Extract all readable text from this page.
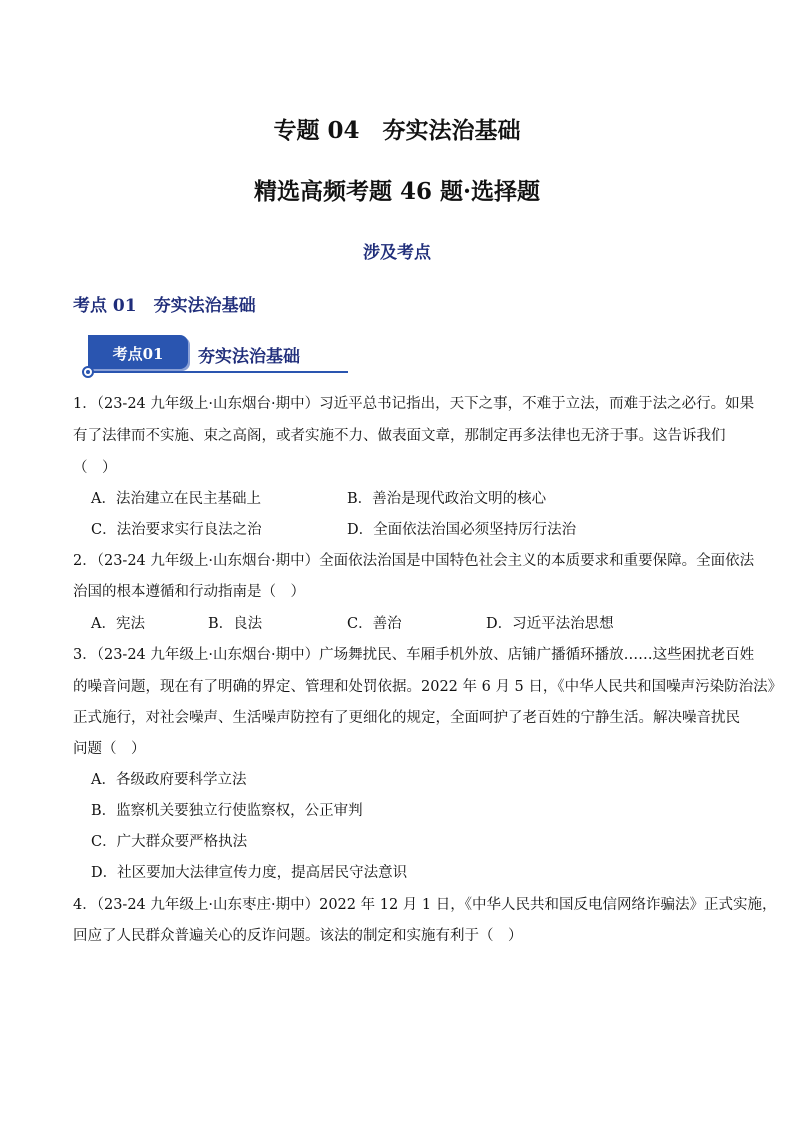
专题 04　夯实法治基础
精选高频考题 46 题·选择题
涉及考点
考点 01　夯实法治基础
考点01	夯实法治基础
1．（23-24 九年级上·山东烟台·期中）习近平总书记指出，天下之事，不难于立法，而难于法之必行。如果
有了法律而不实施、束之高阁，或者实施不力、做表面文章，那制定再多法律也无济于事。这告诉我们
（　）
A．法治建立在民主基础上	B．善治是现代政治文明的核心
C．法治要求实行良法之治	D．全面依法治国必须坚持厉行法治
2．（23-24 九年级上·山东烟台·期中）全面依法治国是中国特色社会主义的本质要求和重要保障。全面依法
治国的根本遵循和行动指南是（　）
A．宪法	B．良法	C．善治	D．习近平法治思想
3．（23-24 九年级上·山东烟台·期中）广场舞扰民、车厢手机外放、店铺广播循环播放……这些困扰老百姓
的噪音问题，现在有了明确的界定、管理和处罚依据。2022 年 6 月 5 日，《中华人民共和国噪声污染防治法》
正式施行，对社会噪声、生活噪声防控有了更细化的规定，全面呵护了老百姓的宁静生活。解决噪音扰民
问题（　）
A．各级政府要科学立法
B．监察机关要独立行使监察权，公正审判
C．广大群众要严格执法
D．社区要加大法律宣传力度，提高居民守法意识
4．（23-24 九年级上·山东枣庄·期中）2022 年 12 月 1 日，《中华人民共和国反电信网络诈骗法》正式实施，
回应了人民群众普遍关心的反诈问题。该法的制定和实施有利于（　）
